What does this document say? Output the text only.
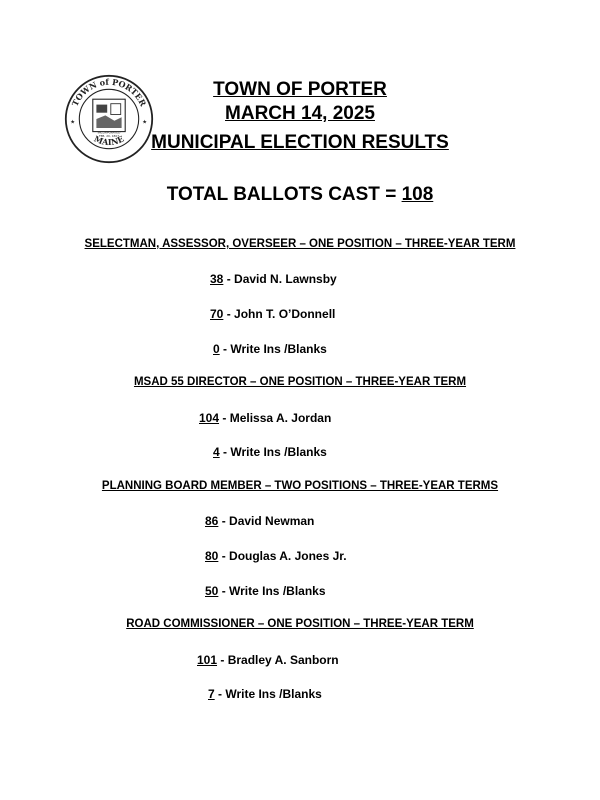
★	★
INCORPORATED
FEB. 20, 1807
TOWN of PORTER
MAINE
TOWN OF PORTER
MARCH 14, 2025
MUNICIPAL ELECTION RESULTS
TOTAL BALLOTS CAST = 108
SELECTMAN, ASSESSOR, OVERSEER – ONE POSITION – THREE-YEAR TERM
38 - David N. Lawnsby
70 - John T. O’Donnell
0 - Write Ins /Blanks
MSAD 55 DIRECTOR – ONE POSITION – THREE-YEAR TERM
104 - Melissa A. Jordan
4 - Write Ins /Blanks
PLANNING BOARD MEMBER – TWO POSITIONS – THREE-YEAR TERMS
86 - David Newman
80 - Douglas A. Jones Jr.
50 - Write Ins /Blanks
ROAD COMMISSIONER – ONE POSITION – THREE-YEAR TERM
101 - Bradley A. Sanborn
7 - Write Ins /Blanks
